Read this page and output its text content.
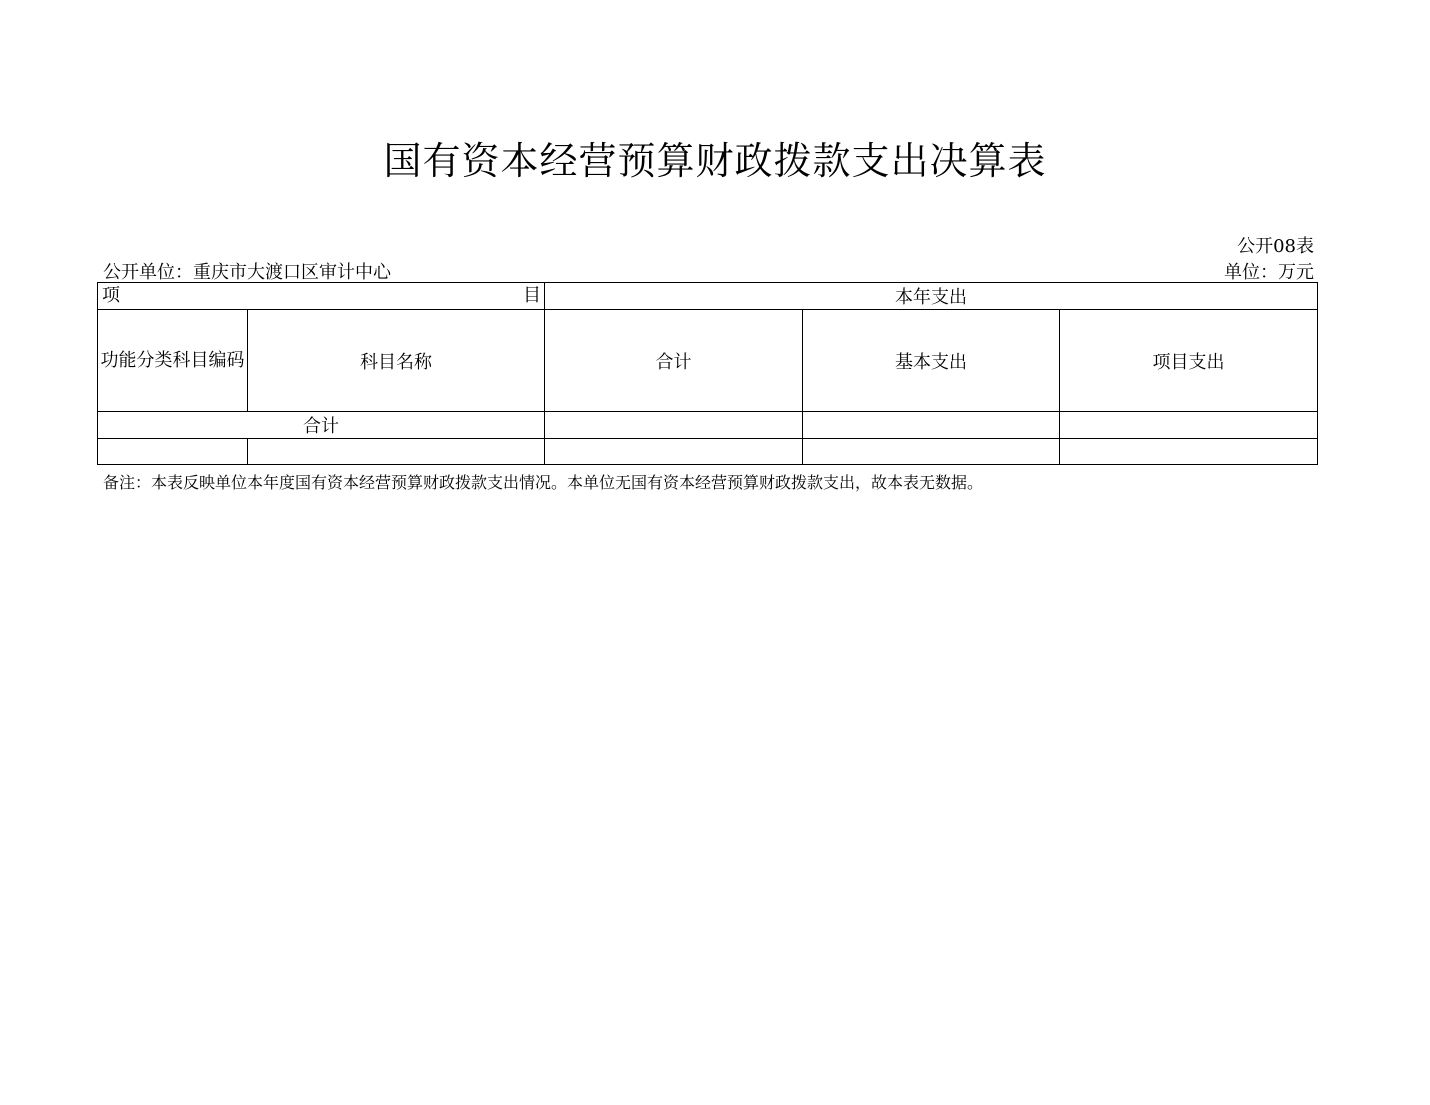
国有资本经营预算财政拨款支出决算表
公开08表
公开单位：重庆市大渡口区审计中心	单位：万元
项 目		本年支出		
功能分类科目编码	科目名称	合计	基本支出	项目支出
合计				

备注：本表反映单位本年度国有资本经营预算财政拨款支出情况。本单位无国有资本经营预算财政拨款支出，故本表无数据。
